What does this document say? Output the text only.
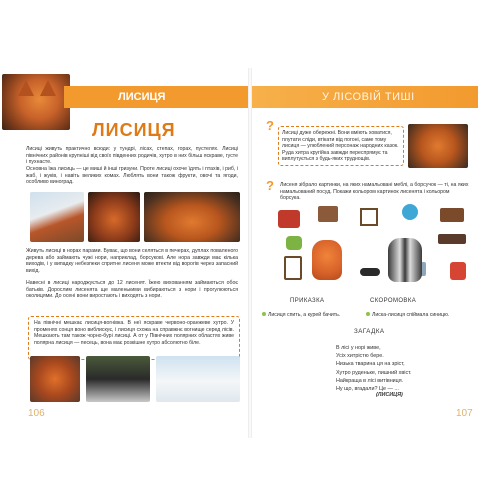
ЛИСИЦЯ
ЛИСИЦЯ
Лисиці живуть практично всюди: у тундрі, лісах, степах, горах, пустелях. Лисиці північних районів крупніші від своїх південних родичів, хутро в них більш яскраве, густе і пухнасте.
Основна їжа лисиць — це миші й інші гризуни. Проте лисиці охоче їдять і птахів, і риб, і жаб, і жуків, і навіть великих комах. Люблять вони також фрукти, овочі та ягоди, особливо виноград.
Живуть лисиці в норах парами. Буває, що вони селяться в печерах, дуплах поваленого дерева або займають чужі нори, наприклад, борсукові. Але нора завжди має кілька виходів, і у випадку небезпеки спритне лисеня може втекти від ворогів через запасний вихід.
Навесні в лисиці народжується до 12 лисенят. Їжею вихованням займаються обоє батьків. Дорослим лисенята ще маленькими вибираються з нори і прогулюються околицями. До осені вони виростають і виходять з нори.
На північні мешкає лисиця-вогнівка. В неї яскраве червоно-оранжеве хутро. У променях сонця воно виблискує, і лисиця схожа на справжнє вогнище серед лісів. Мешкають там також чорно-бурі лисиці. А от у Північних полярних областях живе полярна лисиця — песець, вона має розкішне хутро абсолютно біле.
106
У ЛІСОВІЙ ТИШІ
? Лисиці дуже обережні. Вони вміють ховатися, плутати сліди, втікати від погоні, саме тому лисиця — улюблений персонаж народних казок. Руда хитра кругійка завжди переспрямує та виплутується з будь-яких труднощів.
? Лисеня зібрало картинки, на яких намальовані меблі, а борсучок — ті, на яких намальований посуд. Покажи кольором картинок лисенята і кольором борсука.
ПРИКАЗКА	СКОРОМОВКА
Лисиця спить, а курей бачить.	Лиска-лисиця спіймала синицю.
ЗАГАДКА
В лісі у норі живе,
Усіх хитрістю бере.
Низька тварина ця на зріст,
Хутро руденьке, пишний хвіст.
Найкраща в лісі витівниця.
Ну що, вгадали? Це — ...
(ЛИСИЦЯ)
107
